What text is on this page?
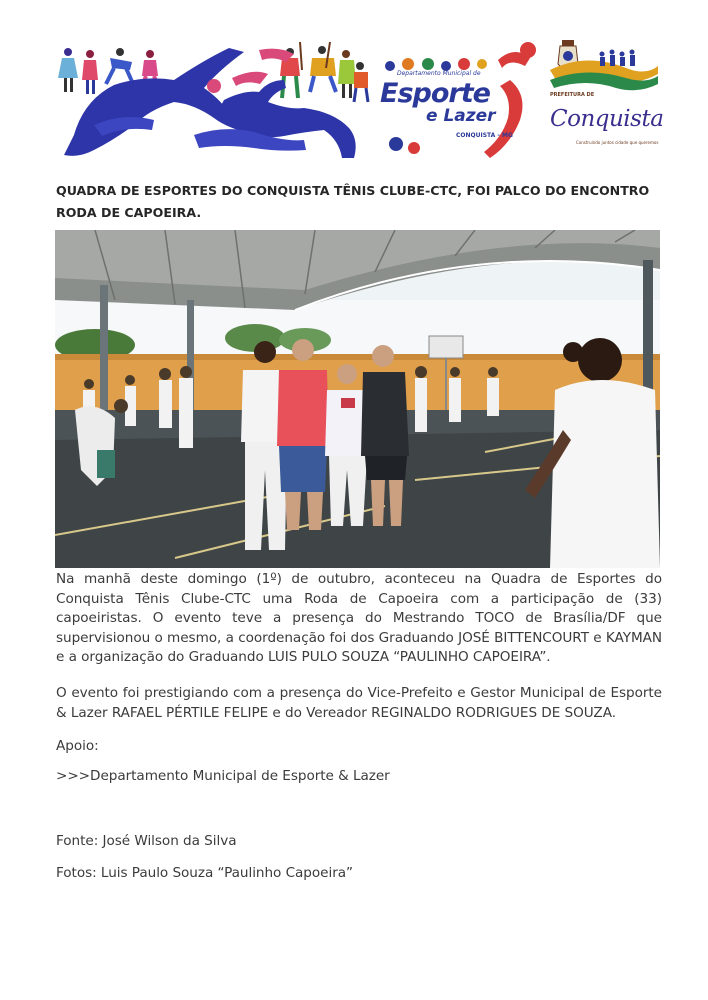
Departamento Municipal de
Esporte
e Lazer
CONQUISTA - MG
PREFEITURA DE
Conquista
Construindo juntos cidade que queremos
QUADRA DE ESPORTES DO CONQUISTA TÊNIS CLUBE-CTC, FOI PALCO DO ENCONTRO RODA DE CAPOEIRA.

Na manhã deste domingo (1º) de outubro, aconteceu na Quadra de Esportes do Conquista Tênis Clube-CTC uma Roda de Capoeira com a participação de (33) capoeiristas. O evento teve a presença do Mestrando TOCO de Brasília/DF que supervisionou o mesmo, a coordenação foi dos Graduando JOSÉ BITTENCOURT e KAYMAN e a organização do Graduando LUIS PULO SOUZA “PAULINHO CAPOEIRA”.

O evento foi prestigiando com a presença do Vice-Prefeito e Gestor Municipal de Esporte & Lazer RAFAEL PÉRTILE FELIPE e do Vereador REGINALDO RODRIGUES DE SOUZA.

Apoio:

>>>Departamento Municipal de Esporte & Lazer

Fonte: José Wilson da Silva

Fotos: Luis Paulo Souza “Paulinho Capoeira”
